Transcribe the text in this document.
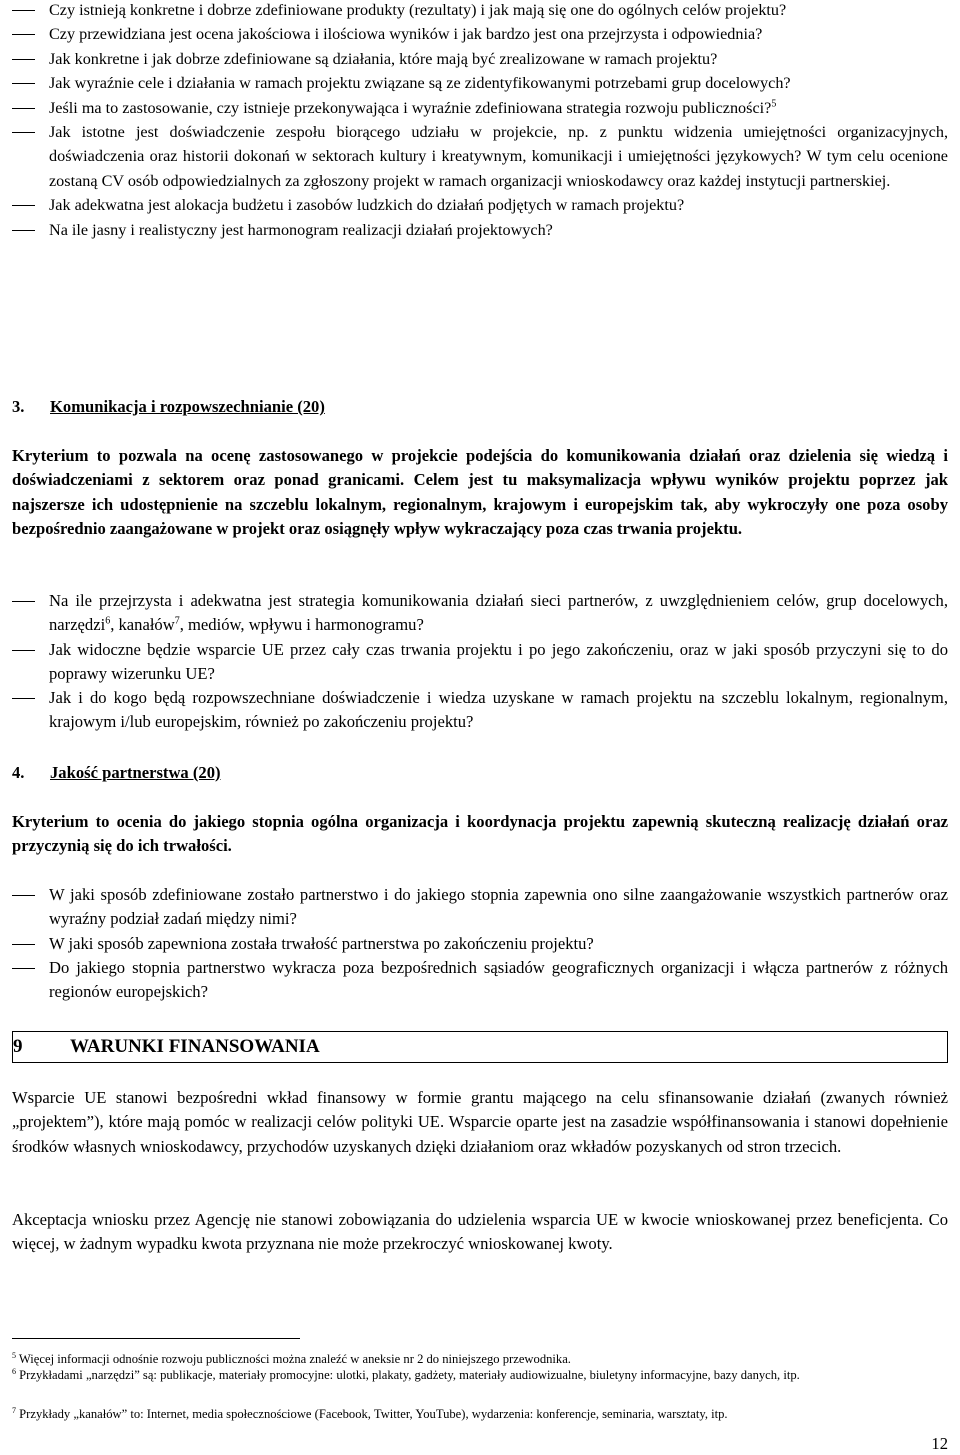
Czy istnieją konkretne i dobrze zdefiniowane produkty (rezultaty) i jak mają się one do ogólnych celów projektu?
Czy przewidziana jest ocena jakościowa i ilościowa wyników i jak bardzo jest ona przejrzysta i odpowiednia?
Jak konkretne i jak dobrze zdefiniowane są działania, które mają być zrealizowane w ramach projektu?
Jak wyraźnie cele i działania w ramach projektu związane są ze zidentyfikowanymi potrzebami grup docelowych?
Jeśli ma to zastosowanie, czy istnieje przekonywająca i wyraźnie zdefiniowana strategia rozwoju publiczności?$^5$
Jak istotne jest doświadczenie zespołu biorącego udziału w projekcie, np. z punktu widzenia umiejętności organizacyjnych, doświadczenia oraz historii dokonań w sektorach kultury i kreatywnym, komunikacji i umiejętności językowych? W tym celu ocenione zostaną CV osób odpowiedzialnych za zgłoszony projekt w ramach organizacji wnioskodawcy oraz każdej instytucji partnerskiej.
Jak adekwatna jest alokacja budżetu i zasobów ludzkich do działań podjętych w ramach projektu?
Na ile jasny i realistyczny jest harmonogram realizacji działań projektowych?
3. Komunikacja i rozpowszechnianie (20)
Kryterium to pozwala na ocenę zastosowanego w projekcie podejścia do komunikowania działań oraz dzielenia się wiedzą i doświadczeniami z sektorem oraz ponad granicami. Celem jest tu maksymalizacja wpływu wyników projektu poprzez jak najszersze ich udostępnienie na szczeblu lokalnym, regionalnym, krajowym i europejskim tak, aby wykroczyły one poza osoby bezpośrednio zaangażowane w projekt oraz osiągnęły wpływ wykraczający poza czas trwania projektu.
Na ile przejrzysta i adekwatna jest strategia komunikowania działań sieci partnerów, z uwzględnieniem celów, grup docelowych, narzędzi$^6$, kanałów$^7$, mediów, wpływu i harmonogramu?
Jak widoczne będzie wsparcie UE przez cały czas trwania projektu i po jego zakończeniu, oraz w jaki sposób przyczyni się to do poprawy wizerunku UE?
Jak i do kogo będą rozpowszechniane doświadczenie i wiedza uzyskane w ramach projektu na szczeblu lokalnym, regionalnym, krajowym i/lub europejskim, również po zakończeniu projektu?
4. Jakość partnerstwa (20)
Kryterium to ocenia do jakiego stopnia ogólna organizacja i koordynacja projektu zapewnią skuteczną realizację działań oraz przyczynią się do ich trwałości.
W jaki sposób zdefiniowane zostało partnerstwo i do jakiego stopnia zapewnia ono silne zaangażowanie wszystkich partnerów oraz wyraźny podział zadań między nimi?
W jaki sposób zapewniona została trwałość partnerstwa po zakończeniu projektu?
Do jakiego stopnia partnerstwo wykracza poza bezpośrednich sąsiadów geograficznych organizacji i włącza partnerów z różnych regionów europejskich?
9	WARUNKI FINANSOWANIA
Wsparcie UE stanowi bezpośredni wkład finansowy w formie grantu mającego na celu sfinansowanie działań (zwanych również „projektem”), które mają pomóc w realizacji celów polityki UE. Wsparcie oparte jest na zasadzie współfinansowania i stanowi dopełnienie środków własnych wnioskodawcy, przychodów uzyskanych dzięki działaniom oraz wkładów pozyskanych od stron trzecich.
Akceptacja wniosku przez Agencję nie stanowi zobowiązania do udzielenia wsparcia UE w kwocie wnioskowanej przez beneficjenta. Co więcej, w żadnym wypadku kwota przyznana nie może przekroczyć wnioskowanej kwoty.
$^5$ Więcej informacji odnośnie rozwoju publiczności można znaleźć w aneksie nr 2 do niniejszego przewodnika.
$^6$ Przykładami „narzędzi” są: publikacje, materiały promocyjne: ulotki, plakaty, gadżety, materiały audiowizualne, biuletyny informacyjne, bazy danych, itp.
$^7$ Przykłady „kanałów” to: Internet, media społecznościowe (Facebook, Twitter, YouTube), wydarzenia: konferencje, seminaria, warsztaty, itp.
12
